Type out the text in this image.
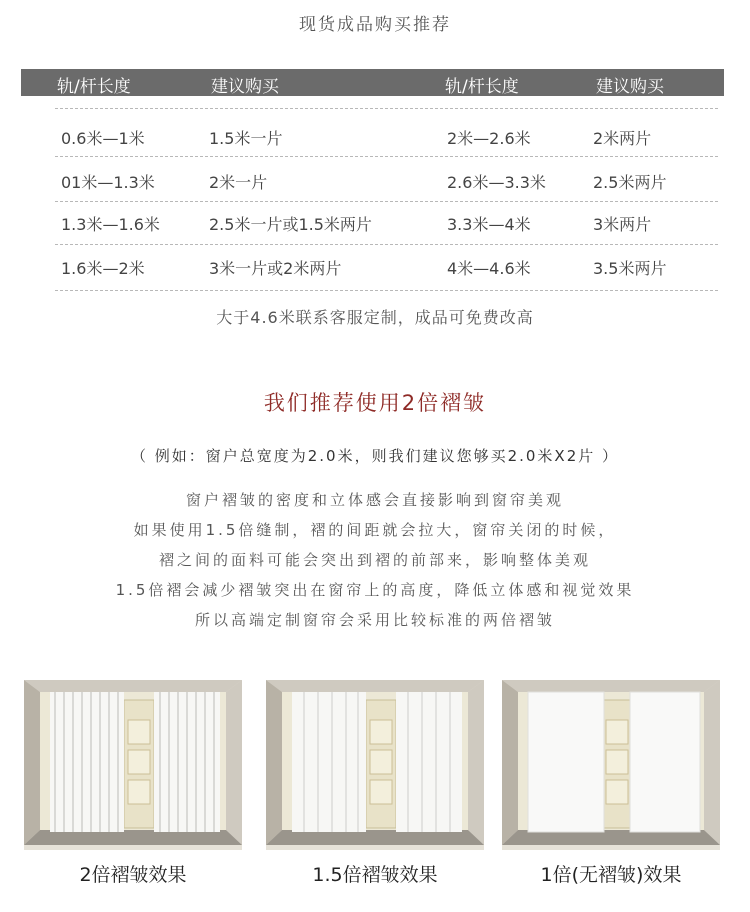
现货成品购买推荐
轨/杆长度	建议购买	轨/杆长度	建议购买
0.6米—1米	1.5米一片	2米—2.6米	2米两片
01米—1.3米	2米一片	2.6米—3.3米	2.5米两片
1.3米—1.6米	2.5米一片或1.5米两片	3.3米—4米	3米两片
1.6米—2米	3米一片或2米两片	4米—4.6米	3.5米两片
大于4.6米联系客服定制，成品可免费改高
我们推荐使用2倍褶皱
（ 例如：窗户总宽度为2.0米，则我们建议您够买2.0米X2片 ）
窗户褶皱的密度和立体感会直接影响到窗帘美观
如果使用1.5倍缝制，褶的间距就会拉大，窗帘关闭的时候，
褶之间的面料可能会突出到褶的前部来，影响整体美观
1.5倍褶会减少褶皱突出在窗帘上的高度，降低立体感和视觉效果
所以高端定制窗帘会采用比较标准的两倍褶皱
2倍褶皱效果	1.5倍褶皱效果	1倍(无褶皱)效果
